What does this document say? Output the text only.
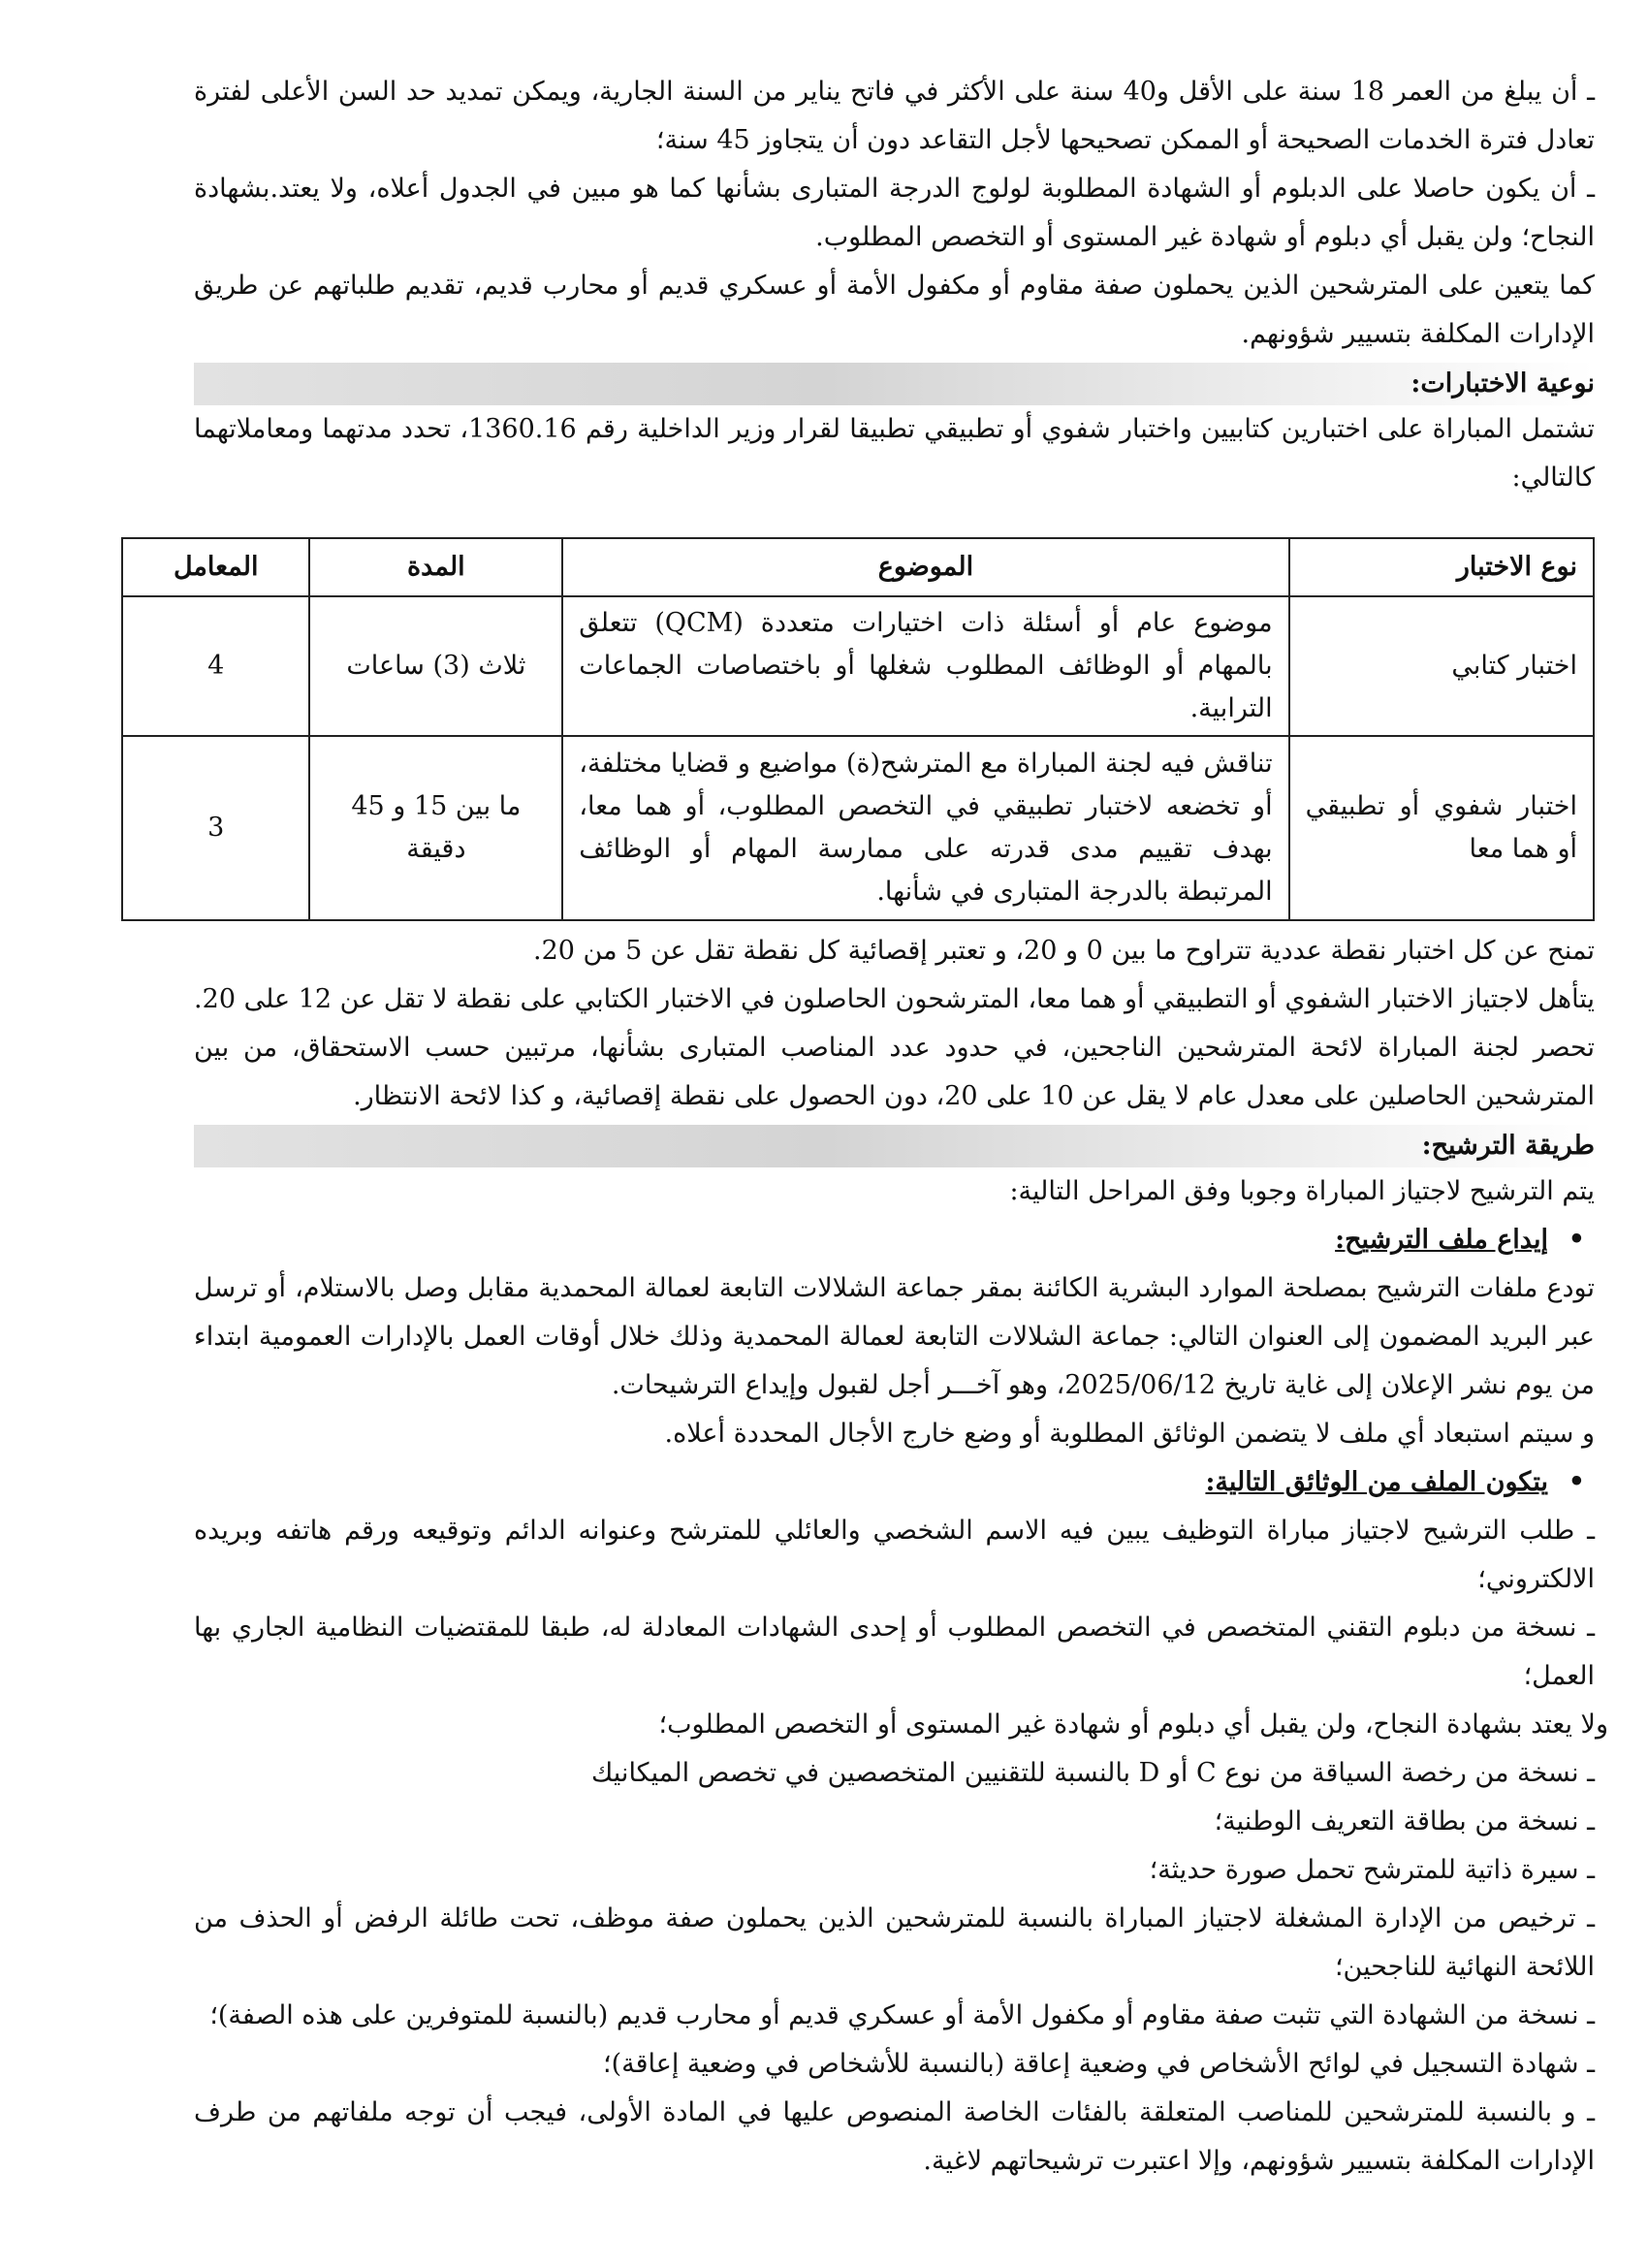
ـ أن يبلغ من العمر 18 سنة على الأقل و40 سنة على الأكثر في فاتح يناير من السنة الجارية، ويمكن تمديد حد السن الأعلى لفترة تعادل فترة الخدمات الصحيحة أو الممكن تصحيحها لأجل التقاعد دون أن يتجاوز 45 سنة؛

ـ أن يكون حاصلا على الدبلوم أو الشهادة المطلوبة لولوج الدرجة المتبارى بشأنها كما هو مبين في الجدول أعلاه، ولا يعتد.بشهادة النجاح؛ ولن يقبل أي دبلوم أو شهادة غير المستوى أو التخصص المطلوب.

كما يتعين على المترشحين الذين يحملون صفة مقاوم أو مكفول الأمة أو عسكري قديم أو محارب قديم، تقديم طلباتهم عن طريق الإدارات المكلفة بتسيير شؤونهم.

نوعية الاختبارات:

تشتمل المباراة على اختبارين كتابيين واختبار شفوي أو تطبيقي تطبيقا لقرار وزير الداخلية رقم 1360.16، تحدد مدتهما ومعاملاتهما كالتالي:

نوع الاختبار	الموضوع	المدة	المعامل
اختبار كتابي	موضوع عام أو أسئلة ذات اختيارات متعددة (QCM) تتعلق بالمهام أو الوظائف المطلوب شغلها أو باختصاصات الجماعات الترابية.	ثلاث (3) ساعات	4
اختبار شفوي أو تطبيقي أو هما معا	تناقش فيه لجنة المباراة مع المترشح(ة) مواضيع و قضايا مختلفة، أو تخضعه لاختبار تطبيقي في التخصص المطلوب، أو هما معا، بهدف تقييم مدى قدرته على ممارسة المهام أو الوظائف المرتبطة بالدرجة المتبارى في شأنها.	ما بين 15 و 45 دقيقة	3

تمنح عن كل اختبار نقطة عددية تتراوح ما بين 0 و 20، و تعتبر إقصائية كل نقطة تقل عن 5 من 20.

يتأهل لاجتياز الاختبار الشفوي أو التطبيقي أو هما معا، المترشحون الحاصلون في الاختبار الكتابي على نقطة لا تقل عن 12 على 20.

تحصر لجنة المباراة لائحة المترشحين الناجحين، في حدود عدد المناصب المتبارى بشأنها، مرتبين حسب الاستحقاق، من بين المترشحين الحاصلين على معدل عام لا يقل عن 10 على 20، دون الحصول على نقطة إقصائية، و كذا لائحة الانتظار.

طريقة الترشيح:

يتم الترشيح لاجتياز المباراة وجوبا وفق المراحل التالية:

•
إيداع ملف الترشيح:

تودع ملفات الترشيح بمصلحة الموارد البشرية الكائنة بمقر جماعة الشلالات التابعة لعمالة المحمدية مقابل وصل بالاستلام، أو ترسل عبر البريد المضمون إلى العنوان التالي: جماعة الشلالات التابعة لعمالة المحمدية وذلك خلال أوقات العمل بالإدارات العمومية ابتداء من يوم نشر الإعلان إلى غاية تاريخ 2025/06/12، وهو آخـــر أجل لقبول وإيداع الترشيحات.

و سيتم استبعاد أي ملف لا يتضمن الوثائق المطلوبة أو وضع خارج الأجال المحددة أعلاه.

•
يتكون الملف من الوثائق التالية:

ـ طلب الترشيح لاجتياز مباراة التوظيف يبين فيه الاسم الشخصي والعائلي للمترشح وعنوانه الدائم وتوقيعه ورقم هاتفه وبريده الالكتروني؛

ـ نسخة من دبلوم التقني المتخصص في التخصص المطلوب أو إحدى الشهادات المعادلة له، طبقا للمقتضيات النظامية الجاري بها العمل؛

ولا يعتد بشهادة النجاح، ولن يقبل أي دبلوم أو شهادة غير المستوى أو التخصص المطلوب؛

ـ نسخة من رخصة السياقة من نوع C أو D بالنسبة للتقنيين المتخصصين في تخصص الميكانيك

ـ نسخة من بطاقة التعريف الوطنية؛

ـ سيرة ذاتية للمترشح تحمل صورة حديثة؛

ـ ترخيص من الإدارة المشغلة لاجتياز المباراة بالنسبة للمترشحين الذين يحملون صفة موظف، تحت طائلة الرفض أو الحذف من اللائحة النهائية للناجحين؛

ـ نسخة من الشهادة التي تثبت صفة مقاوم أو مكفول الأمة أو عسكري قديم أو محارب قديم (بالنسبة للمتوفرين على هذه الصفة)؛

ـ شهادة التسجيل في لوائح الأشخاص في وضعية إعاقة (بالنسبة للأشخاص في وضعية إعاقة)؛

ـ و بالنسبة للمترشحين للمناصب المتعلقة بالفئات الخاصة المنصوص عليها في المادة الأولى، فيجب أن توجه ملفاتهم من طرف الإدارات المكلفة بتسيير شؤونهم، وإلا اعتبرت ترشيحاتهم لاغية.
